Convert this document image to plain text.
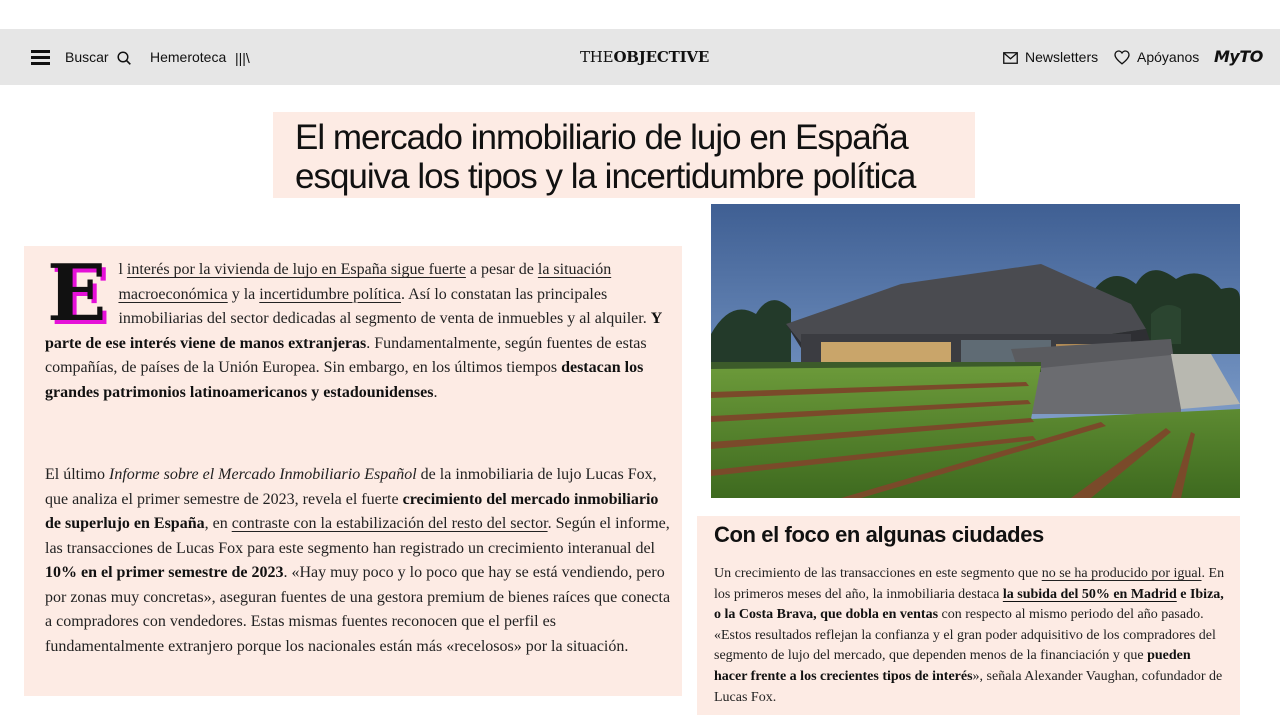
Buscar	Hemeroteca |||\	THEOBJECTIVE	Newsletters	Apóyanos MyTO
El mercado inmobiliario de lujo en España esquiva los tipos y la incertidumbre política

El interés por la vivienda de lujo en España sigue fuerte a pesar de la situación macroeconómica y la incertidumbre política. Así lo constatan las principales inmobiliarias del sector dedicadas al segmento de venta de inmuebles y al alquiler. Y parte de ese interés viene de manos extranjeras. Fundamentalmente, según fuentes de estas compañías, de países de la Unión Europea. Sin embargo, en los últimos tiempos destacan los grandes patrimonios latinoamericanos y estadounidenses.

El último Informe sobre el Mercado Inmobiliario Español de la inmobiliaria de lujo Lucas Fox, que analiza el primer semestre de 2023, revela el fuerte crecimiento del mercado inmobiliario de superlujo en España, en contraste con la estabilización del resto del sector. Según el informe, las transacciones de Lucas Fox para este segmento han registrado un crecimiento interanual del 10% en el primer semestre de 2023. «Hay muy poco y lo poco que hay se está vendiendo, pero por zonas muy concretas», aseguran fuentes de una gestora premium de bienes raíces que conecta a compradores con vendedores. Estas mismas fuentes reconocen que el perfil es fundamentalmente extranjero porque los nacionales están más «recelosos» por la situación.

Con el foco en algunas ciudades

Un crecimiento de las transacciones en este segmento que no se ha producido por igual. En los primeros meses del año, la inmobiliaria destaca la subida del 50% en Madrid e Ibiza, o la Costa Brava, que dobla en ventas con respecto al mismo periodo del año pasado. «Estos resultados reflejan la confianza y el gran poder adquisitivo de los compradores del segmento de lujo del mercado, que dependen menos de la financiación y que pueden hacer frente a los crecientes tipos de interés», señala Alexander Vaughan, cofundador de Lucas Fox.
